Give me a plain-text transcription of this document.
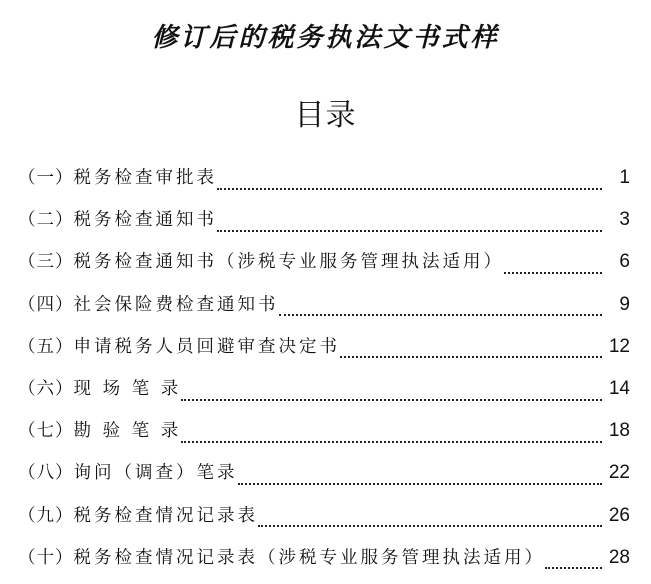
修订后的税务执法文书式样
目录
（一） 税务检查审批表	1
（二） 税务检查通知书	3
（三） 税务检查通知书（涉税专业服务管理执法适用）	6
（四） 社会保险费检查通知书	9
（五） 申请税务人员回避审查决定书	12
（六） 现 场 笔 录	14
（七） 勘 验 笔 录	18
（八） 询问（调查）笔录	22
（九） 税务检查情况记录表	26
（十） 税务检查情况记录表（涉税专业服务管理执法适用）	28
